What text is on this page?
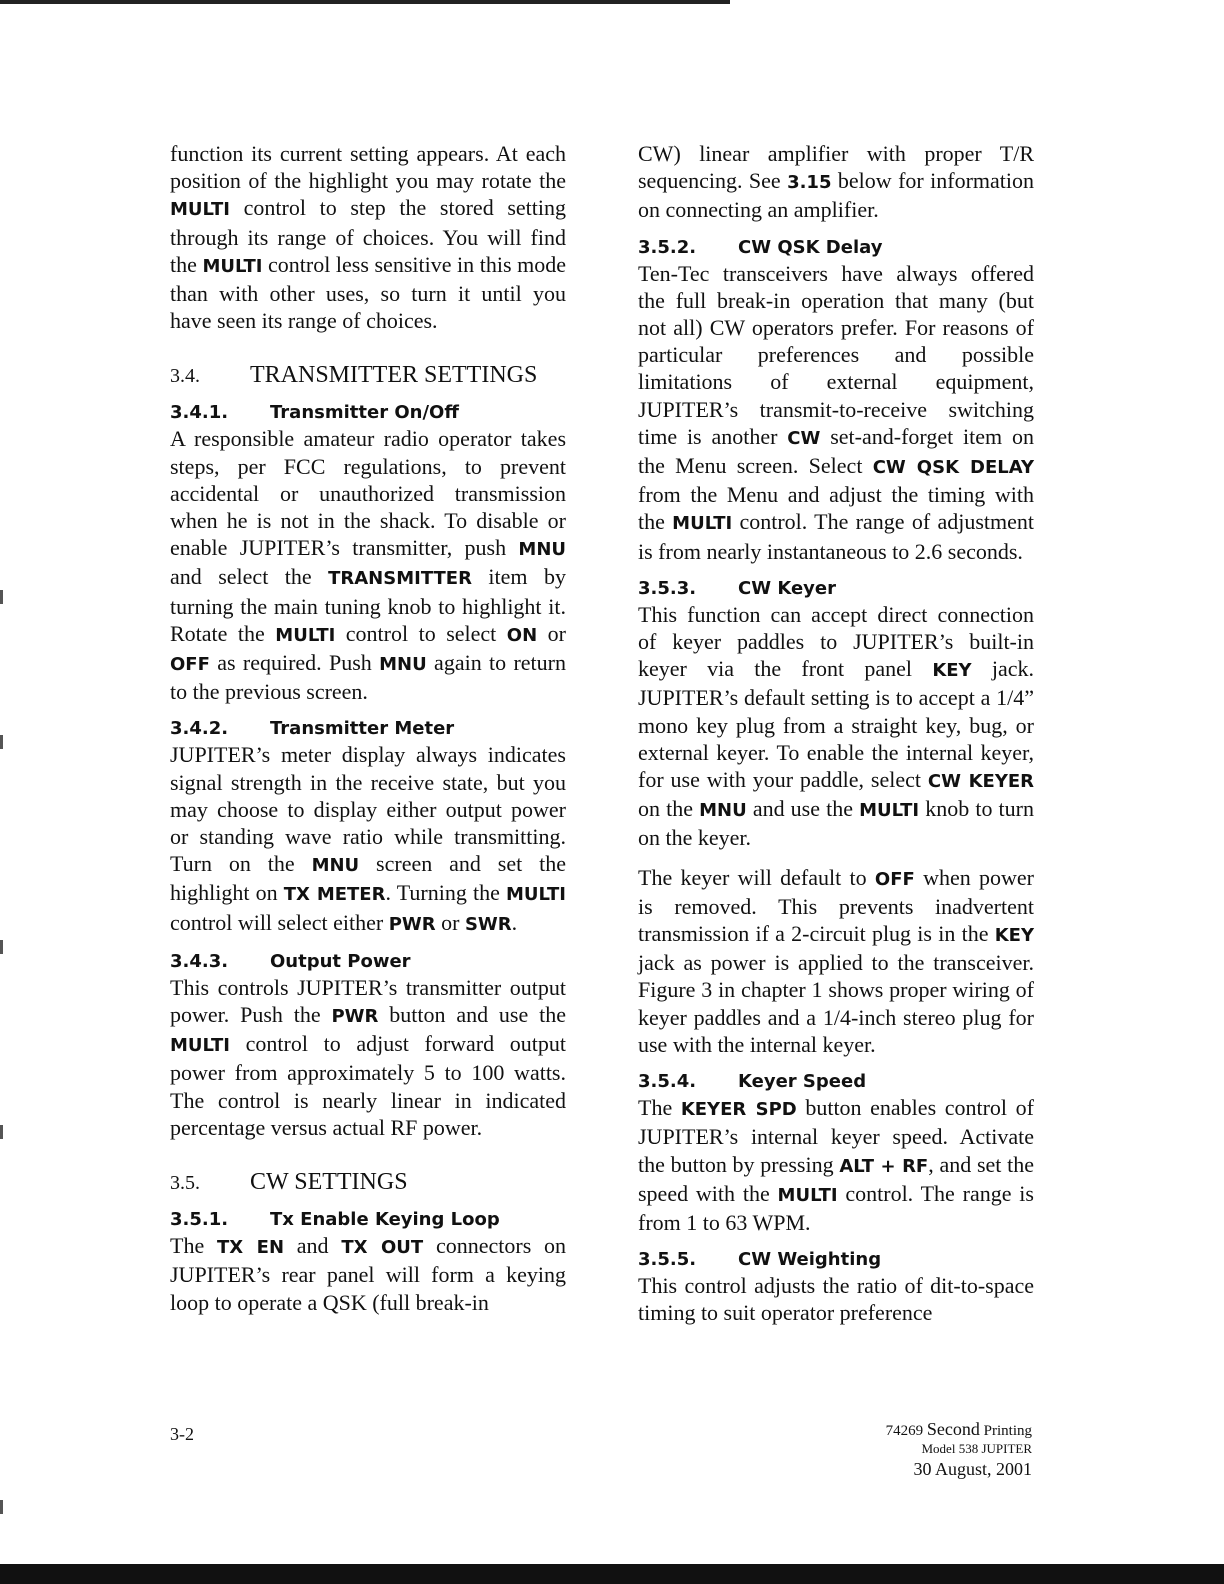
function its current setting appears. At each position of the highlight you may rotate the MULTI control to step the stored setting through its range of choices. You will find the MULTI control less sensitive in this mode than with other uses, so turn it until you have seen its range of choices.

3.4. TRANSMITTER SETTINGS
3.4.1. Transmitter On/Off

A responsible amateur radio operator takes steps, per FCC regulations, to prevent accidental or unauthorized transmission when he is not in the shack. To disable or enable JUPITER’s transmitter, push MNU and select the TRANSMITTER item by turning the main tuning knob to highlight it. Rotate the MULTI control to select ON or OFF as required. Push MNU again to return to the previous screen.

3.4.2. Transmitter Meter

JUPITER’s meter display always indicates signal strength in the receive state, but you may choose to display either output power or standing wave ratio while transmitting. Turn on the MNU screen and set the highlight on TX METER. Turning the MULTI control will select either PWR or SWR.

3.4.3. Output Power

This controls JUPITER’s transmitter output power. Push the PWR button and use the MULTI control to adjust forward output power from approximately 5 to 100 watts. The control is nearly linear in indicated percentage versus actual RF power.

3.5. CW SETTINGS
3.5.1. Tx Enable Keying Loop

The TX EN and TX OUT connectors on JUPITER’s rear panel will form a keying loop to operate a QSK (full break-in

CW) linear amplifier with proper T/R sequencing. See 3.15 below for information on connecting an amplifier.

3.5.2. CW QSK Delay

Ten-Tec transceivers have always offered the full break-in operation that many (but not all) CW operators prefer. For reasons of particular preferences and possible limitations of external equipment, JUPITER’s transmit-to-receive switching time is another CW set-and-forget item on the Menu screen. Select CW QSK DELAY from the Menu and adjust the timing with the MULTI control. The range of adjustment is from nearly instantaneous to 2.6 seconds.

3.5.3. CW Keyer

This function can accept direct connection of keyer paddles to JUPITER’s built-in keyer via the front panel KEY jack. JUPITER’s default setting is to accept a 1/4” mono key plug from a straight key, bug, or external keyer. To enable the internal keyer, for use with your paddle, select CW KEYER on the MNU and use the MULTI knob to turn on the keyer.

The keyer will default to OFF when power is removed. This prevents inadvertent transmission if a 2-circuit plug is in the KEY jack as power is applied to the transceiver. Figure 3 in chapter 1 shows proper wiring of keyer paddles and a 1/4-inch stereo plug for use with the internal keyer.

3.5.4. Keyer Speed

The KEYER SPD button enables control of JUPITER’s internal keyer speed. Activate the button by pressing ALT + RF, and set the speed with the MULTI control. The range is from 1 to 63 WPM.

3.5.5. CW Weighting

This control adjusts the ratio of dit-to-space timing to suit operator preference

3-2	74269 Second Printing
Model 538 JUPITER
30 August, 2001
